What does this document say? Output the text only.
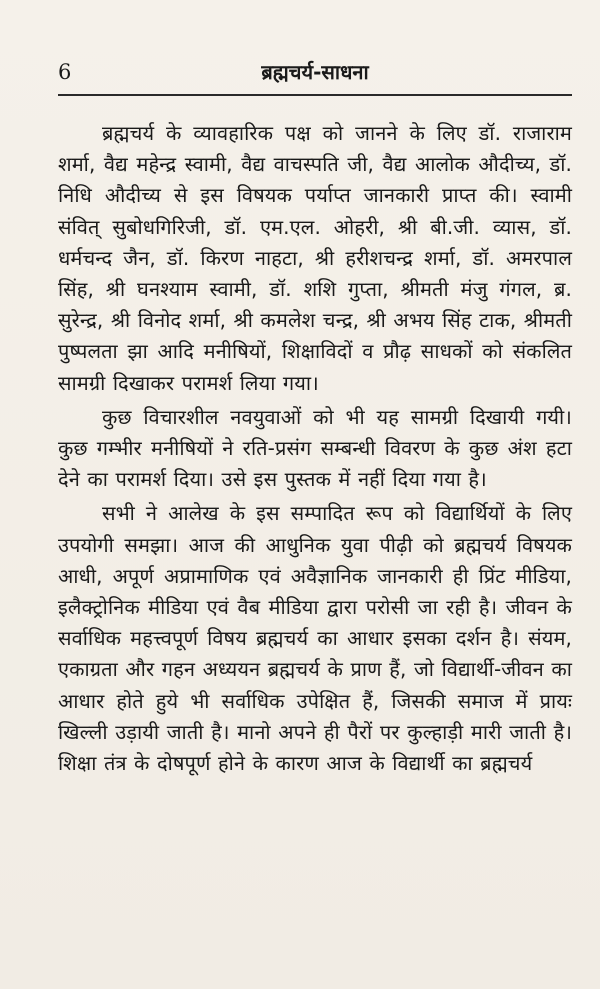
6	ब्रह्मचर्य-साधना

ब्रह्मचर्य के व्यावहारिक पक्ष को जानने के लिए डॉ. राजाराम शर्मा, वैद्य महेन्द्र स्वामी, वैद्य वाचस्पति जी, वैद्य आलोक औदीच्य, डॉ. निधि औदीच्य से इस विषयक पर्याप्त जानकारी प्राप्त की। स्वामी संवित् सुबोधगिरिजी, डॉ. एम.एल. ओहरी, श्री बी.जी. व्यास, डॉ. धर्मचन्द जैन, डॉ. किरण नाहटा, श्री हरीशचन्द्र शर्मा, डॉ. अमरपाल सिंह, श्री घनश्याम स्वामी, डॉ. शशि गुप्ता, श्रीमती मंजु गंगल, ब्र. सुरेन्द्र, श्री विनोद शर्मा, श्री कमलेश चन्द्र, श्री अभय सिंह टाक, श्रीमती पुष्पलता झा आदि मनीषियों, शिक्षाविदों व प्रौढ़ साधकों को संकलित सामग्री दिखाकर परामर्श लिया गया।

कुछ विचारशील नवयुवाओं को भी यह सामग्री दिखायी गयी। कुछ गम्भीर मनीषियों ने रति-प्रसंग सम्बन्धी विवरण के कुछ अंश हटा देने का परामर्श दिया। उसे इस पुस्तक में नहीं दिया गया है।

सभी ने आलेख के इस सम्पादित रूप को विद्यार्थियों के लिए उपयोगी समझा। आज की आधुनिक युवा पीढ़ी को ब्रह्मचर्य विषयक आधी, अपूर्ण अप्रामाणिक एवं अवैज्ञानिक जानकारी ही प्रिंट मीडिया, इलैक्ट्रोनिक मीडिया एवं वैब मीडिया द्वारा परोसी जा रही है। जीवन के सर्वाधिक महत्त्वपूर्ण विषय ब्रह्मचर्य का आधार इसका दर्शन है। संयम, एकाग्रता और गहन अध्ययन ब्रह्मचर्य के प्राण हैं, जो विद्यार्थी-जीवन का आधार होते हुये भी सर्वाधिक उपेक्षित हैं, जिसकी समाज में प्रायः खिल्ली उड़ायी जाती है। मानो अपने ही पैरों पर कुल्हाड़ी मारी जाती है। शिक्षा तंत्र के दोषपूर्ण होने के कारण आज के विद्यार्थी का ब्रह्मचर्य
